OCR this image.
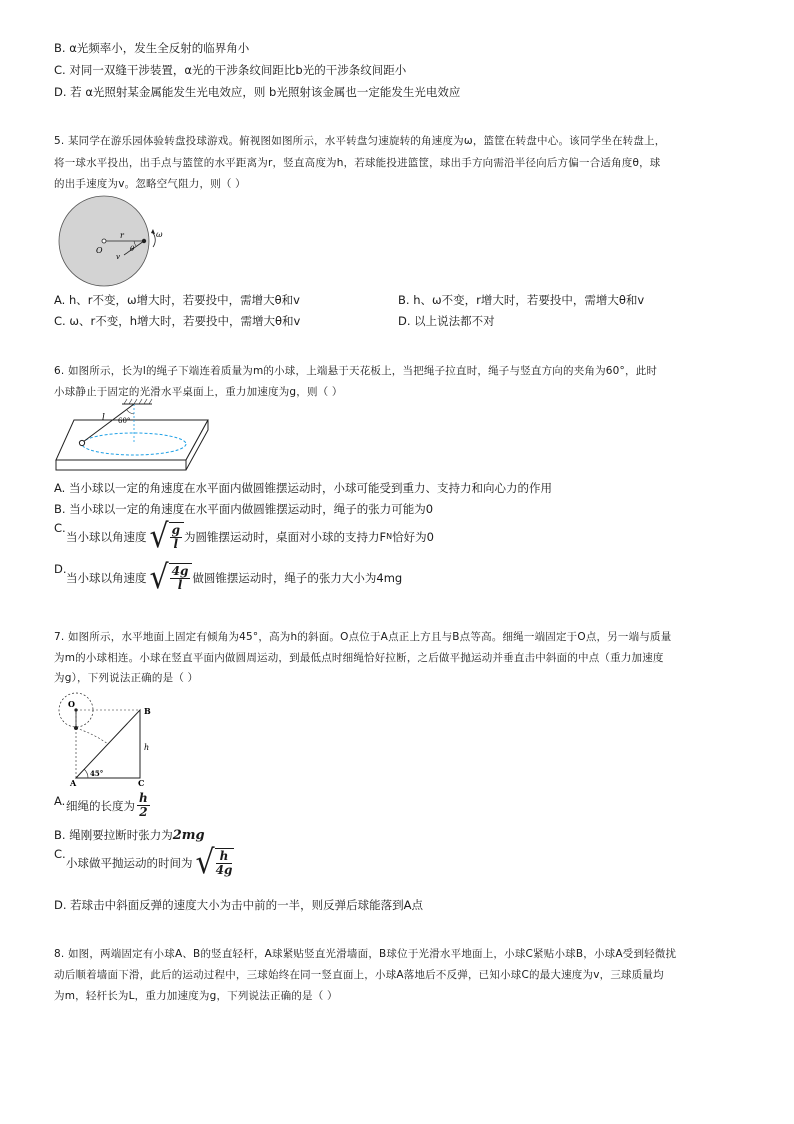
B. α光频率小，发生全反射的临界角小
C. 对同一双缝干涉装置，α光的干涉条纹间距比b光的干涉条纹间距小
D. 若 α光照射某金属能发生光电效应，则 b光照射该金属也一定能发生光电效应
5. 某同学在游乐园体验转盘投球游戏。俯视图如图所示，水平转盘匀速旋转的角速度为ω，篮筐在转盘中心。该同学坐在转盘上，
将一球水平投出，出手点与篮筐的水平距离为r，竖直高度为h，若球能投进篮筐，球出手方向需沿半径向后方偏一合适角度θ，球
的出手速度为v。忽略空气阻力，则（ ）
O
r
θ
v
ω
A. h、r不变，ω增大时，若要投中，需增大θ和v	B. h、ω不变，r增大时，若要投中，需增大θ和v
C. ω、r不变，h增大时，若要投中，需增大θ和v	D. 以上说法都不对
6. 如图所示，长为l的绳子下端连着质量为m的小球，上端悬于天花板上，当把绳子拉直时，绳子与竖直方向的夹角为60°，此时
小球静止于固定的光滑水平桌面上，重力加速度为g，则（ ）
l 60°
A. 当小球以一定的角速度在水平面内做圆锥摆运动时，小球可能受到重力、支持力和向心力的作用
B. 当小球以一定的角速度在水平面内做圆锥摆运动时，绳子的张力可能为0
C.
当小球以角速度 √ $\frac{g}{l}$ 为圆锥摆运动时，桌面对小球的支持力F N 恰好为0
D.
当小球以角速度 √ $\frac{4g}{l}$ 做圆锥摆运动时，绳子的张力大小为4mg
7. 如图所示，水平地面上固定有倾角为45°，高为h的斜面。O点位于A点正上方且与B点等高。细绳一端固定于O点，另一端与质量
为m的小球相连。小球在竖直平面内做圆周运动，到最低点时细绳恰好拉断，之后做平抛运动并垂直击中斜面的中点（重力加速度
为g），下列说法正确的是（ ）
O
B
h
A	C
45°
A. 细绳的长度为 $\frac{h}{2}$
B. 绳刚要拉断时张力为2mg
C.
小球做平抛运动的时间为 √ $\frac{h}{4g}$
D. 若球击中斜面反弹的速度大小为击中前的一半，则反弹后球能落到A点
8. 如图，两端固定有小球A、B的竖直轻杆，A球紧贴竖直光滑墙面，B球位于光滑水平地面上，小球C紧贴小球B，小球A受到轻微扰
动后顺着墙面下滑，此后的运动过程中，三球始终在同一竖直面上，小球A落地后不反弹，已知小球C的最大速度为v，三球质量均
为m，轻杆长为L，重力加速度为g，下列说法正确的是（ ）
